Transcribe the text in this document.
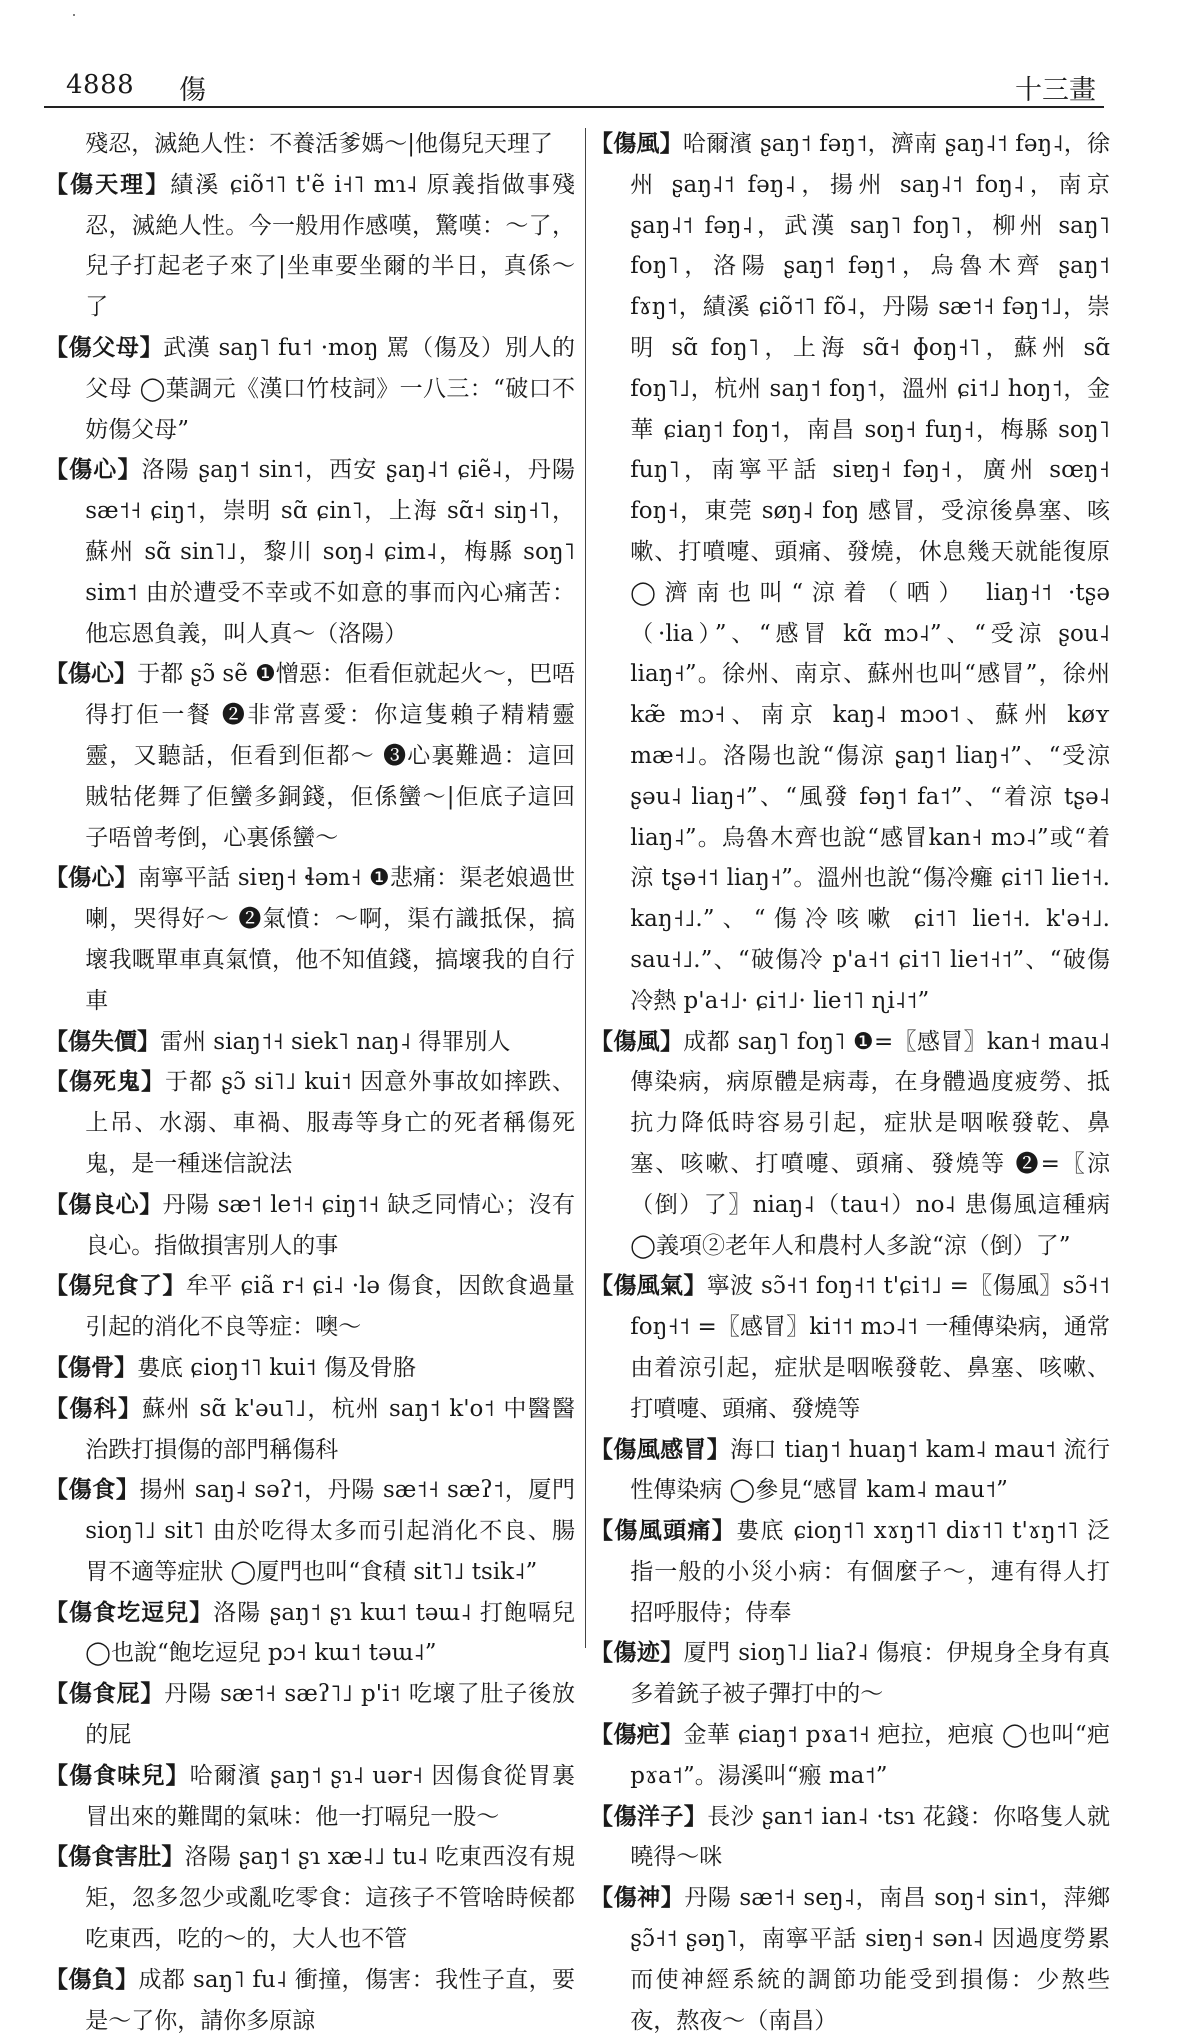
4888 傷	十三畫

殘忍，滅絶人性：不養活爹媽～|他傷兒天理了

【傷天理】績溪 ɕiõ˦˥ t'ẽ i˧˥ mɿ˨ 原義指做事殘忍，滅絶人性。今一般用作感嘆，驚嘆：～了，兒子打起老子來了|坐車要坐爾的半日，真係～了

【傷父母】武漢 saŋ˥ fu˦ ·moŋ 罵（傷及）別人的父母 ◯葉調元《漢口竹枝詞》一八三：“破口不妨傷父母”

【傷心】洛陽 ʂaŋ˦ sin˦，西安 ʂaŋ˨˦ ɕiẽ˨，丹陽 sæ˦˧ ɕiŋ˦，崇明 sɑ̃ ɕin˥，上海 sɑ̃˧ siŋ˧˥，蘇州 sɑ̃ sin˥˩，黎川 soŋ˨ ɕim˨，梅縣 soŋ˥ sim˦ 由於遭受不幸或不如意的事而內心痛苦：他忘恩負義，叫人真～（洛陽）

【傷心】于都 ʂɔ̃ sẽ ❶憎惡：佢看佢就起火～，巴唔得打佢一餐 ❷非常喜愛：你這隻賴子精精靈靈，又聽話，佢看到佢都～ ❸心裏難過：這回賊牯佬舞了佢蠻多銅錢，佢係蠻～|佢底子這回子唔曾考倒，心裏係蠻～

【傷心】南寧平話 siɐŋ˧ ɬəm˧ ❶悲痛：渠老娘過世喇，哭得好～ ❷氣憤：～啊，渠冇識抵保，搞壞我嘅單車真氣憤，他不知值錢，搞壞我的自行車

【傷失價】雷州 siaŋ˦˧ siek˥ naŋ˨ 得罪別人

【傷死鬼】于都 ʂɔ̃ si˥˩ kui˦ 因意外事故如摔跌、上吊、水溺、車禍、服毒等身亡的死者稱傷死鬼，是一種迷信說法

【傷良心】丹陽 sæ˦ le˦˧ ɕiŋ˦˧ 缺乏同情心；沒有良心。指做損害別人的事

【傷兒食了】牟平 ɕiã r˧ ɕi˨ ·lə 傷食，因飲食過量引起的消化不良等症：噢～

【傷骨】婁底 ɕioŋ˦˥ kui˦ 傷及骨胳

【傷科】蘇州 sɑ̃ k'əu˥˩，杭州 saŋ˦ k'o˦ 中醫醫治跌打損傷的部門稱傷科

【傷食】揚州 saŋ˨ səʔ˦，丹陽 sæ˦˧ sæʔ˦，厦門 sioŋ˥˩ sit˥ 由於吃得太多而引起消化不良、腸胃不適等症狀 ◯厦門也叫“食積 sit˥˩ tsik˨”

【傷食圪逗兒】洛陽 ʂaŋ˦ ʂɿ kɯ˦ təɯ˨ 打飽嗝兒 ◯也說“飽圪逗兒 pɔ˧ kɯ˦ təɯ˨”

【傷食屁】丹陽 sæ˦˧ sæʔ˥˩ p'i˦ 吃壞了肚子後放的屁

【傷食味兒】哈爾濱 ʂaŋ˦ ʂɿ˨ uər˧ 因傷食從胃裏冒出來的難聞的氣味：他一打嗝兒一股～

【傷食害肚】洛陽 ʂaŋ˦ ʂɿ xæ˨˩ tu˨ 吃東西沒有規矩，忽多忽少或亂吃零食：這孩子不管啥時候都吃東西，吃的～的，大人也不管

【傷負】成都 saŋ˥ fu˨ 衝撞，傷害：我性子直，要是～了你，請你多原諒

【傷風】哈爾濱 ʂaŋ˦ fəŋ˦，濟南 ʂaŋ˨˦ fəŋ˨，徐州 ʂaŋ˨˦ fəŋ˨，揚州 saŋ˨˦ foŋ˨，南京 ʂaŋ˨˦ fəŋ˨，武漢 saŋ˥ foŋ˥，柳州 saŋ˥ foŋ˥，洛陽 ʂaŋ˦ fəŋ˦，烏魯木齊 ʂaŋ˦ fɤŋ˦，績溪 ɕiõ˦˥ fõ˨，丹陽 sæ˦˧ fəŋ˦˩，崇明 sɑ̃ foŋ˥，上海 sɑ̃˧ ɸoŋ˧˥，蘇州 sɑ̃ foŋ˥˩，杭州 saŋ˦ foŋ˦，溫州 ɕi˦˩ hoŋ˦，金華 ɕiaŋ˦ foŋ˦，南昌 soŋ˧ fuŋ˧，梅縣 soŋ˥ fuŋ˥，南寧平話 siɐŋ˧ fəŋ˧，廣州 sœŋ˧ foŋ˧，東莞 søŋ˨ foŋ 感冒，受涼後鼻塞、咳嗽、打噴嚏、頭痛、發燒，休息幾天就能復原 ◯濟南也叫“涼着（哂） liaŋ˧˦ ·tʂə（·lia）”、“感冒 kɑ̃ mɔ˨”、“受涼 ʂou˨ liaŋ˧”。徐州、南京、蘇州也叫“感冒”，徐州 kæ̃ mɔ˧、南京 kaŋ˨ mɔo˦、蘇州 køʏ mæ˧˩。洛陽也說“傷涼 ʂaŋ˦ liaŋ˧”、“受涼 ʂəu˨ liaŋ˧”、“風發 fəŋ˦ fa˦”、“着涼 tʂə˨ liaŋ˨”。烏魯木齊也說“感冒kan˧ mɔ˨”或“着涼 tʂə˧˦ liaŋ˧”。溫州也說“傷冷癱 ɕi˦˥ lie˦˧. kaŋ˧˩.”、“傷冷咳嗽 ɕi˦˥ lie˦˧. k'ə˧˩. sau˧˩.”、“破傷冷 p'a˧˦ ɕi˦˥ lie˦˧˦”、“破傷冷熱 p'a˧˩· ɕi˦˩· lie˦˥ ɳi˨˦”

【傷風】成都 saŋ˥ foŋ˥ ❶=〖感冒〗kan˧ mau˨ 傳染病，病原體是病毒，在身體過度疲勞、抵抗力降低時容易引起，症狀是咽喉發乾、鼻塞、咳嗽、打噴嚏、頭痛、發燒等 ❷=〖涼（倒）了〗niaŋ˨（tau˧）no˨ 患傷風這種病 ◯義項②老年人和農村人多說“涼（倒）了”

【傷風氣】寧波 sɔ̃˧˦ foŋ˧˦ t'ɕi˦˩ =〖傷風〗sɔ̃˧˦ foŋ˧˦ =〖感冒〗ki˦˦ mɔ˨˦ 一種傳染病，通常由着涼引起，症狀是咽喉發乾、鼻塞、咳嗽、打噴嚏、頭痛、發燒等

【傷風感冒】海口 tiaŋ˦ huaŋ˦ kam˨ mau˦ 流行性傳染病 ◯參見“感冒 kam˨ mau˦”

【傷風頭痛】婁底 ɕioŋ˦˥ xɤŋ˦˥ diɤ˦˥ t'ɤŋ˦˥ 泛指一般的小災小病：有個麼子～，連有得人打招呼服侍；侍奉

【傷迹】厦門 sioŋ˥˩ liaʔ˨ 傷痕：伊規身全身有真多着銃子被子彈打中的～

【傷疤】金華 ɕiaŋ˦ pɤa˦˧ 疤拉，疤痕 ◯也叫“疤 pɤa˦”。湯溪叫“瘢 ma˦”

【傷洋子】長沙 ʂan˦ ian˨ ·tsɿ 花錢：你咯隻人就曉得～咪

【傷神】丹陽 sæ˦˧ seŋ˨，南昌 soŋ˧ sin˦，萍鄉 ʂɔ̃˧˦ ʂəŋ˥，南寧平話 siɐŋ˧ sən˨ 因過度勞累而使神經系統的調節功能受到損傷：少熬些夜，熬夜～（南昌）
